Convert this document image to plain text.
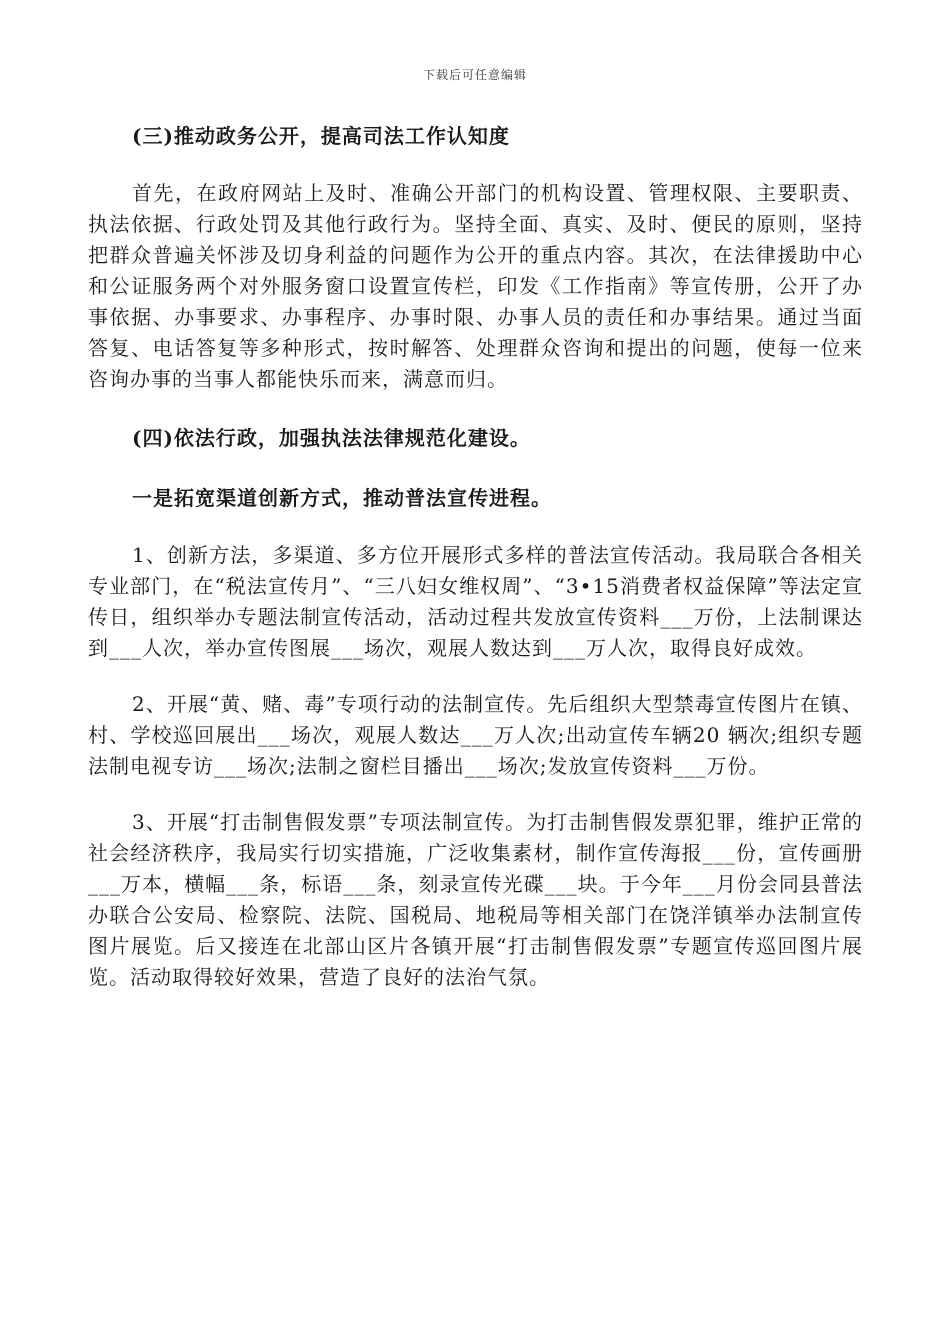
下载后可任意编辑
(三)推动政务公开，提高司法工作认知度

首先，在政府网站上及时、准确公开部门的机构设置、管理权限、主要职责、执法依据、行政处罚及其他行政行为。坚持全面、真实、及时、便民的原则，坚持把群众普遍关怀涉及切身利益的问题作为公开的重点内容。其次，在法律援助中心和公证服务两个对外服务窗口设置宣传栏，印发《工作指南》等宣传册，公开了办事依据、办事要求、办事程序、办事时限、办事人员的责任和办事结果。通过当面答复、电话答复等多种形式，按时解答、处理群众咨询和提出的问题，使每一位来咨询办事的当事人都能快乐而来，满意而归。

(四)依法行政，加强执法法律规范化建设。
一是拓宽渠道创新方式，推动普法宣传进程。

1、创新方法，多渠道、多方位开展形式多样的普法宣传活动。我局联合各相关专业部门，在“税法宣传月”、“三八妇女维权周”、“3•15消费者权益保障”等法定宣传日，组织举办专题法制宣传活动，活动过程共发放宣传资料___万份，上法制课达到___人次，举办宣传图展___场次，观展人数达到___万人次，取得良好成效。

2、开展“黄、赌、毒”专项行动的法制宣传。先后组织大型禁毒宣传图片在镇、村、学校巡回展出___场次，观展人数达___万人次;出动宣传车辆20 辆次;组织专题法制电视专访___场次;法制之窗栏目播出___场次;发放宣传资料___万份。

3、开展“打击制售假发票”专项法制宣传。为打击制售假发票犯罪，维护正常的社会经济秩序，我局实行切实措施，广泛收集素材，制作宣传海报___份，宣传画册___万本，横幅___条，标语___条，刻录宣传光碟___块。于今年___月份会同县普法办联合公安局、检察院、法院、国税局、地税局等相关部门在饶洋镇举办法制宣传图片展览。后又接连在北部山区片各镇开展“打击制售假发票”专题宣传巡回图片展览。活动取得较好效果，营造了良好的法治气氛。
